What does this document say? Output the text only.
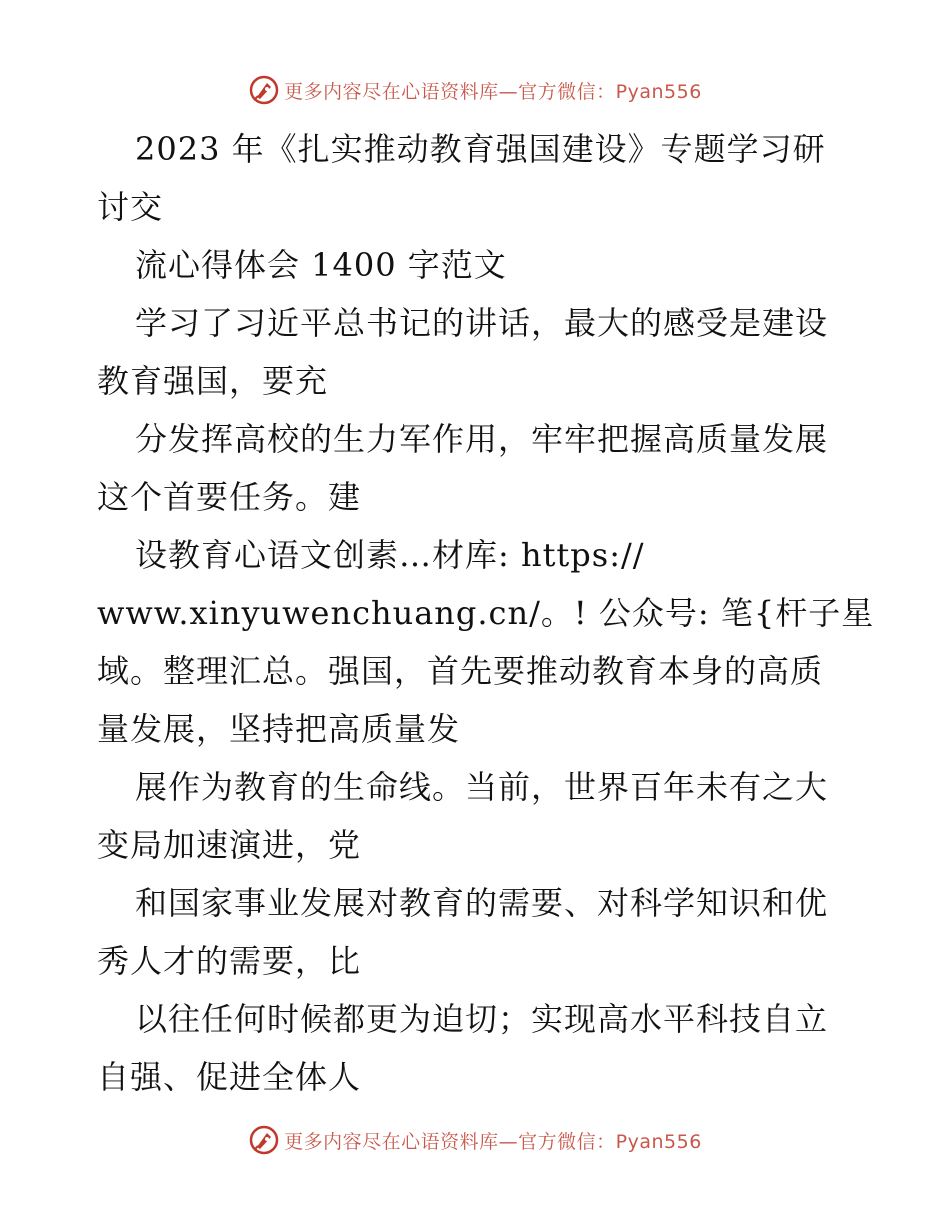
更多内容尽在心语资料库—官方微信：Pyan556
2023 年《扎实推动教育强国建设》专题学习研
讨交
流心得体会 1400 字范文
学习了习近平总书记的讲话，最大的感受是建设
教育强国，要充
分发挥高校的生力军作用，牢牢把握高质量发展
这个首要任务。建
设教育心语文创素…材库: https://
www.xinyuwenchuang.cn/。! 公众号: 笔{杆子星
域。整理汇总。强国，首先要推动教育本身的高质
量发展，坚持把高质量发
展作为教育的生命线。当前，世界百年未有之大
变局加速演进，党
和国家事业发展对教育的需要、对科学知识和优
秀人才的需要，比
以往任何时候都更为迫切；实现高水平科技自立
自强、促进全体人
更多内容尽在心语资料库—官方微信：Pyan556
